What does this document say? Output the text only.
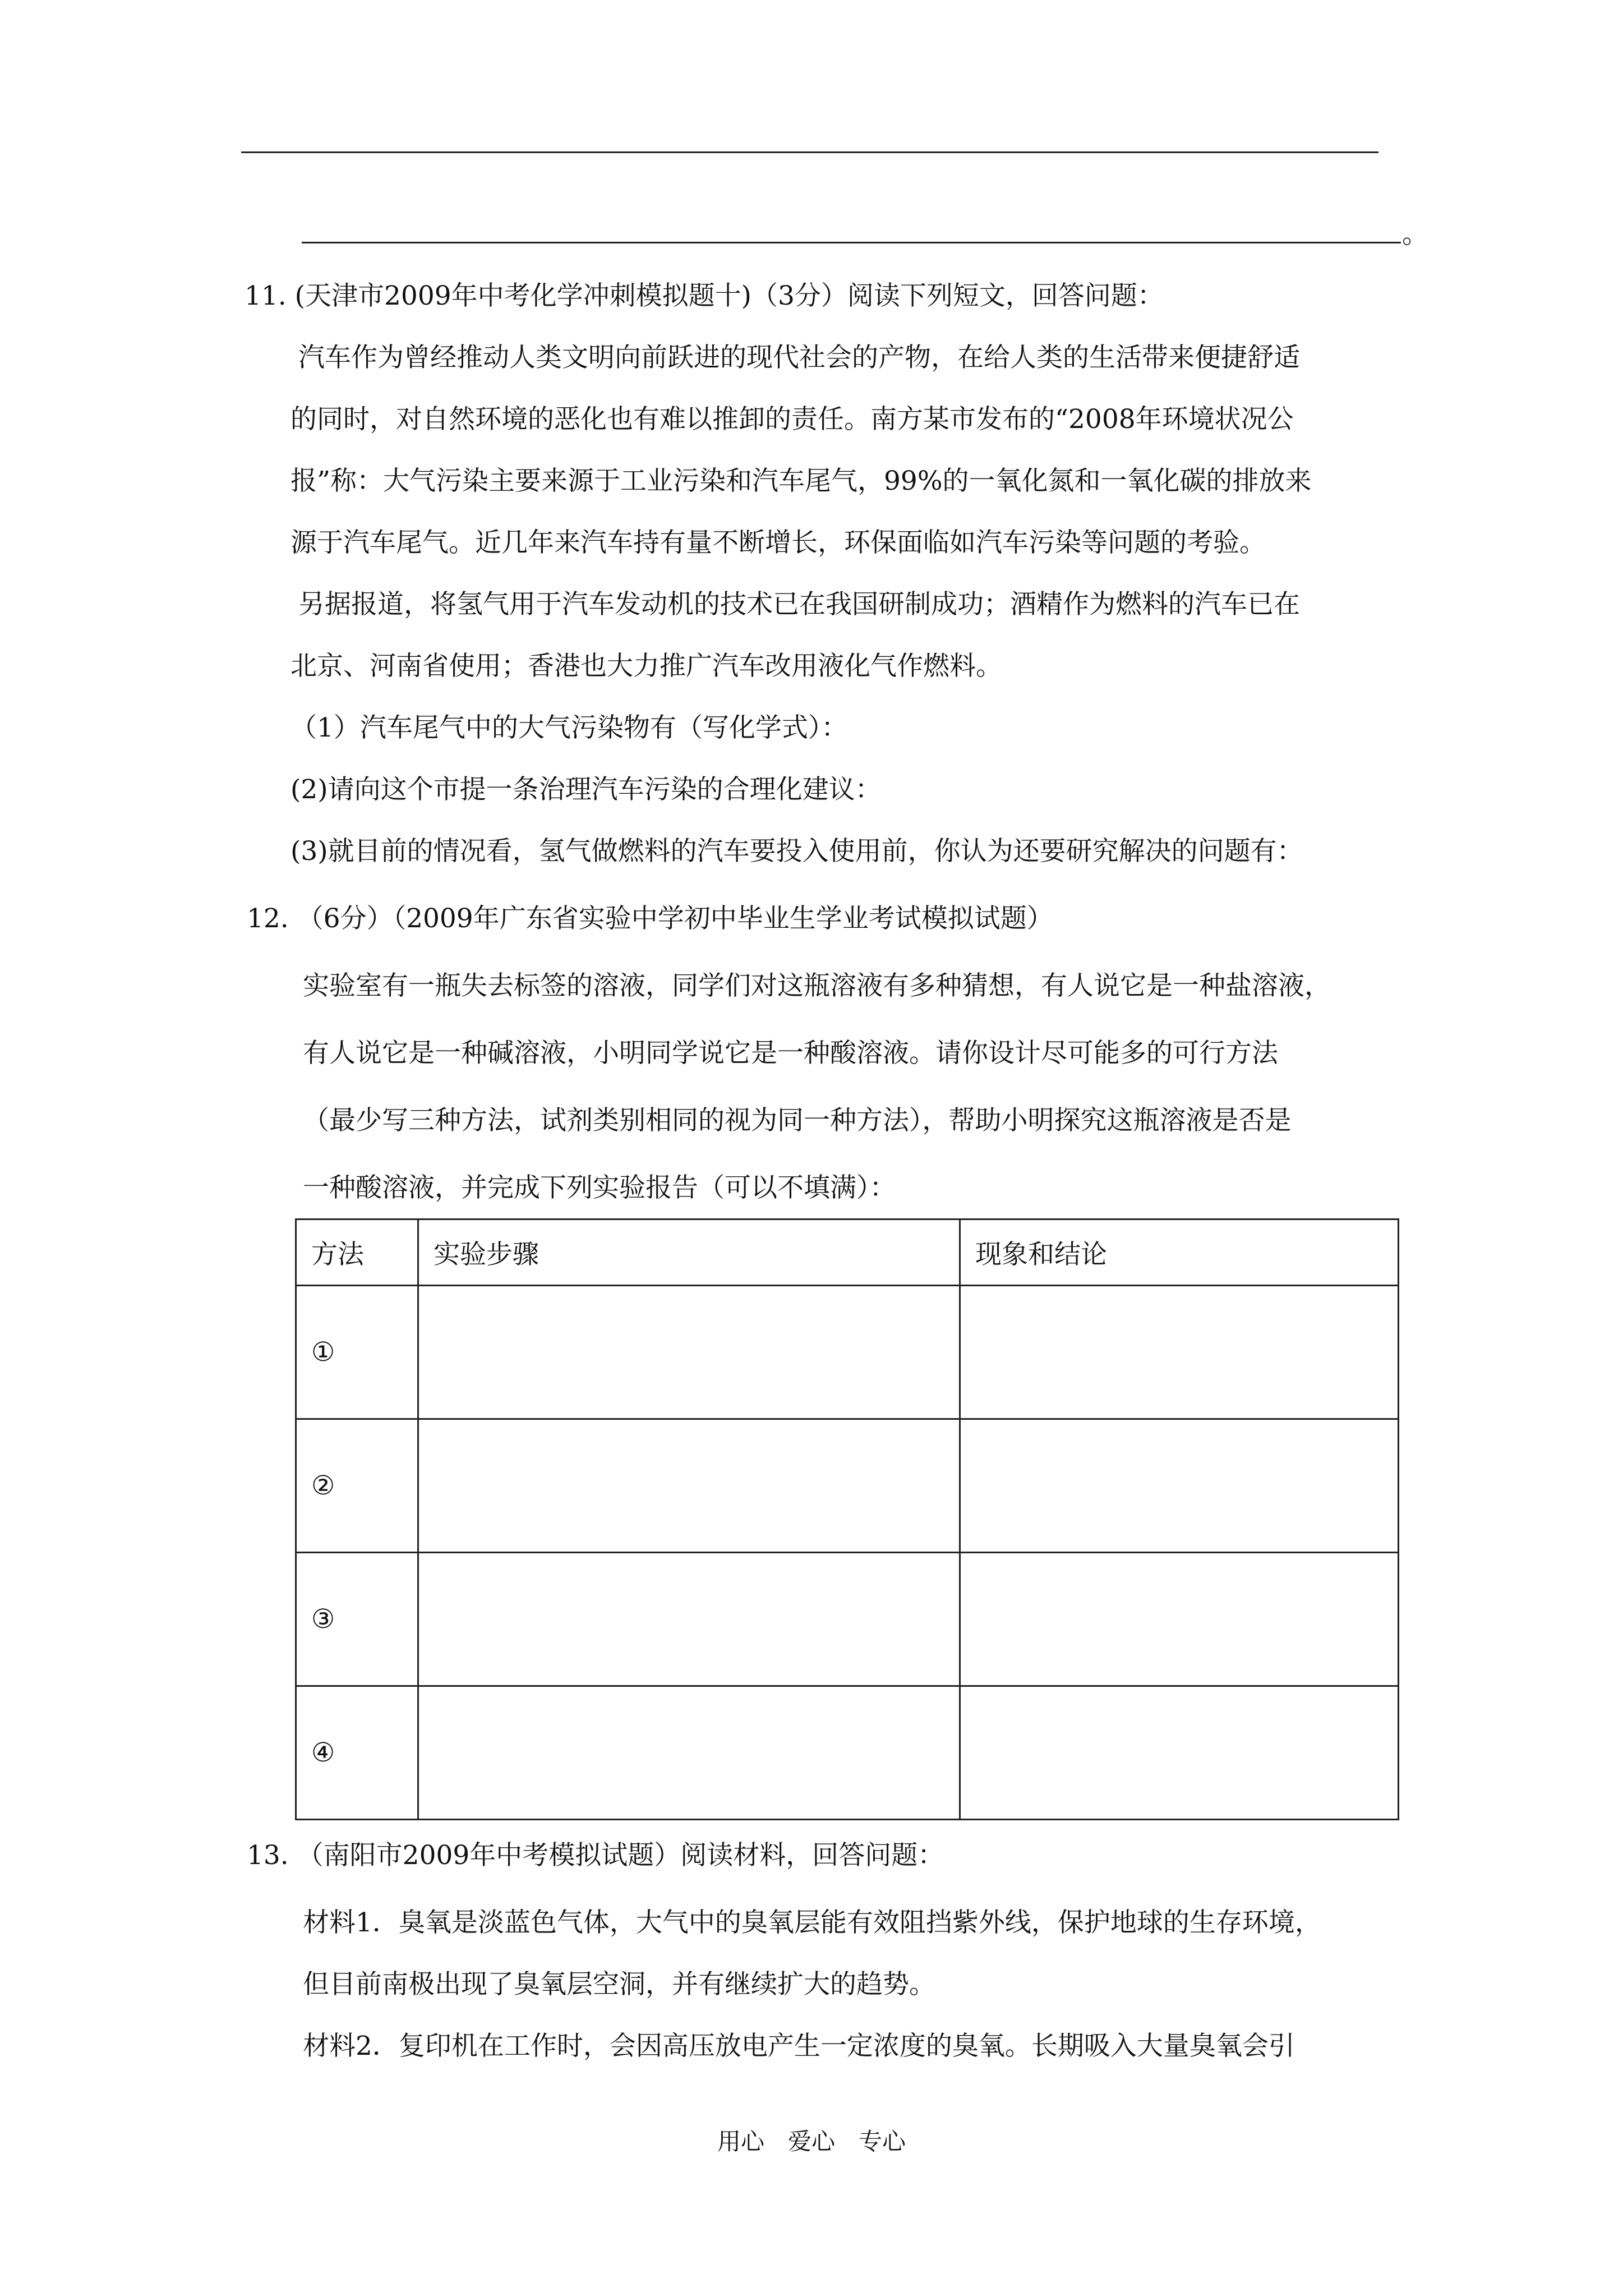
。
11. (天津市2009年中考化学冲刺模拟题十)（3分）阅读下列短文，回答问题：
汽车作为曾经推动人类文明向前跃进的现代社会的产物，在给人类的生活带来便捷舒适
的同时，对自然环境的恶化也有难以推卸的责任。南方某市发布的“2008年环境状况公
报”称：大气污染主要来源于工业污染和汽车尾气，99%的一氧化氮和一氧化碳的排放来
源于汽车尾气。近几年来汽车持有量不断增长，环保面临如汽车污染等问题的考验。
另据报道，将氢气用于汽车发动机的技术已在我国研制成功；酒精作为燃料的汽车已在
北京、河南省使用；香港也大力推广汽车改用液化气作燃料。
（1）汽车尾气中的大气污染物有（写化学式）：
(2)请向这个市提一条治理汽车污染的合理化建议：
(3)就目前的情况看，氢气做燃料的汽车要投入使用前，你认为还要研究解决的问题有：
12. （6分）（2009年广东省实验中学初中毕业生学业考试模拟试题）
实验室有一瓶失去标签的溶液，同学们对这瓶溶液有多种猜想，有人说它是一种盐溶液，
有人说它是一种碱溶液，小明同学说它是一种酸溶液。请你设计尽可能多的可行方法
（最少写三种方法，试剂类别相同的视为同一种方法），帮助小明探究这瓶溶液是否是
一种酸溶液，并完成下列实验报告（可以不填满）：
方法	实验步骤	现象和结论
①		
②		
③		
④		
13. （南阳市2009年中考模拟试题）阅读材料，回答问题：
材料1．臭氧是淡蓝色气体，大气中的臭氧层能有效阻挡紫外线，保护地球的生存环境，
但目前南极出现了臭氧层空洞，并有继续扩大的趋势。
材料2．复印机在工作时，会因高压放电产生一定浓度的臭氧。长期吸入大量臭氧会引
用心　爱心　专心
